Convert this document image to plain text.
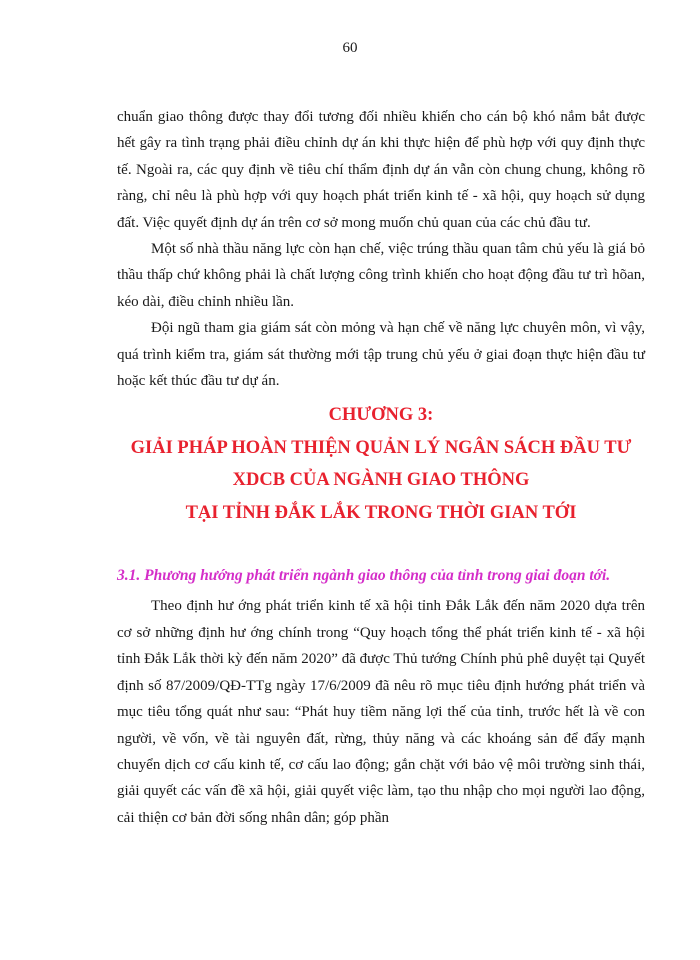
60

chuẩn giao thông được thay đổi tương đối nhiều khiến cho cán bộ khó nắm bắt được hết gây ra tình trạng phải điều chỉnh dự án khi thực hiện để phù hợp với quy định thực tế. Ngoài ra, các quy định về tiêu chí thẩm định dự án vẫn còn chung chung, không rõ ràng, chỉ nêu là phù hợp với quy hoạch phát triển kinh tế - xã hội, quy hoạch sử dụng đất. Việc quyết định dự án trên cơ sở mong muốn chủ quan của các chủ đầu tư.

Một số nhà thầu năng lực còn hạn chế, việc trúng thầu quan tâm chủ yếu là giá bỏ thầu thấp chứ không phải là chất lượng công trình khiến cho hoạt động đầu tư trì hõan, kéo dài, điều chỉnh nhiều lần.

Đội ngũ tham gia giám sát còn mỏng và hạn chế về năng lực chuyên môn, vì vậy, quá trình kiểm tra, giám sát thường mới tập trung chủ yếu ở giai đoạn thực hiện đầu tư hoặc kết thúc đầu tư dự án.

CHƯƠNG 3:

GIẢI PHÁP HOÀN THIỆN QUẢN LÝ NGÂN SÁCH ĐẦU TƯ

XDCB CỦA NGÀNH GIAO THÔNG

TẠI TỈNH ĐẮK LẮK TRONG THỜI GIAN TỚI

3.1. Phương hướng phát triển ngành giao thông của tỉnh trong giai đoạn tới.

Theo định hư ớng phát triển kinh tế xã hội tỉnh Đắk Lắk đến năm 2020 dựa trên cơ sở những định hư ớng chính trong “Quy hoạch tổng thể phát triển kinh tế - xã hội tỉnh Đắk Lắk thời kỳ đến năm 2020” đã được Thủ tướng Chính phủ phê duyệt tại Quyết định số 87/2009/QĐ-TTg ngày 17/6/2009 đã nêu rõ mục tiêu định hướng phát triển và mục tiêu tổng quát như sau: “Phát huy tiềm năng lợi thế của tỉnh, trước hết là về con người, về vốn, về tài nguyên đất, rừng, thủy năng và các khoáng sản để đẩy mạnh chuyển dịch cơ cấu kinh tế, cơ cấu lao động; gắn chặt với bảo vệ môi trường sinh thái, giải quyết các vấn đề xã hội, giải quyết việc làm, tạo thu nhập cho mọi người lao động, cải thiện cơ bản đời sống nhân dân; góp phần
